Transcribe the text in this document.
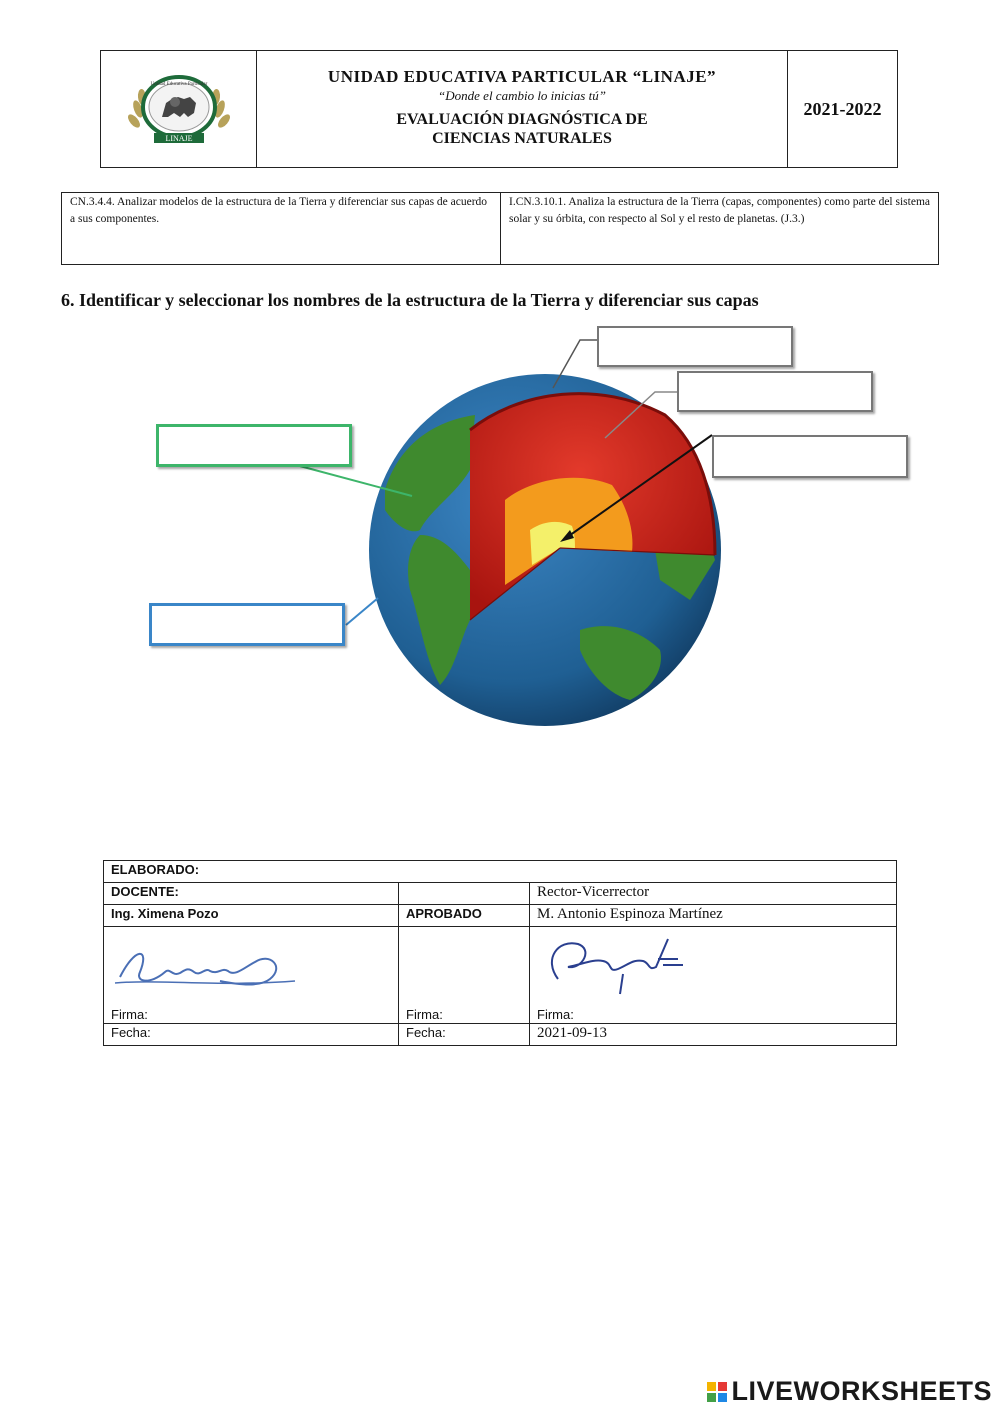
LINAJE
Unidad Educativa Particular	UNIDAD EDUCATIVA PARTICULAR “LINAJE”
“Donde el cambio lo inicias tú”
EVALUACIÓN DIAGNÓSTICA DE
CIENCIAS NATURALES
2021-2022
CN.3.4.4. Analizar modelos de la estructura de la Tierra y diferenciar sus capas de acuerdo a sus componentes.
I.CN.3.10.1. Analiza la estructura de la Tierra (capas, componentes) como parte del sistema solar y su órbita, con respecto al Sol y el resto de planetas. (J.3.)
6. Identificar y seleccionar los nombres de la estructura de la Tierra y diferenciar sus capas
ELABORADO:		
DOCENTE:		Rector-Vicerrector
Ing. Ximena Pozo	APROBADO	M. Antonio Espinoza Martínez

Firma:	Firma:	Firma:
Fecha:	Fecha:	2021-09-13
LIVEWORKSHEETS
